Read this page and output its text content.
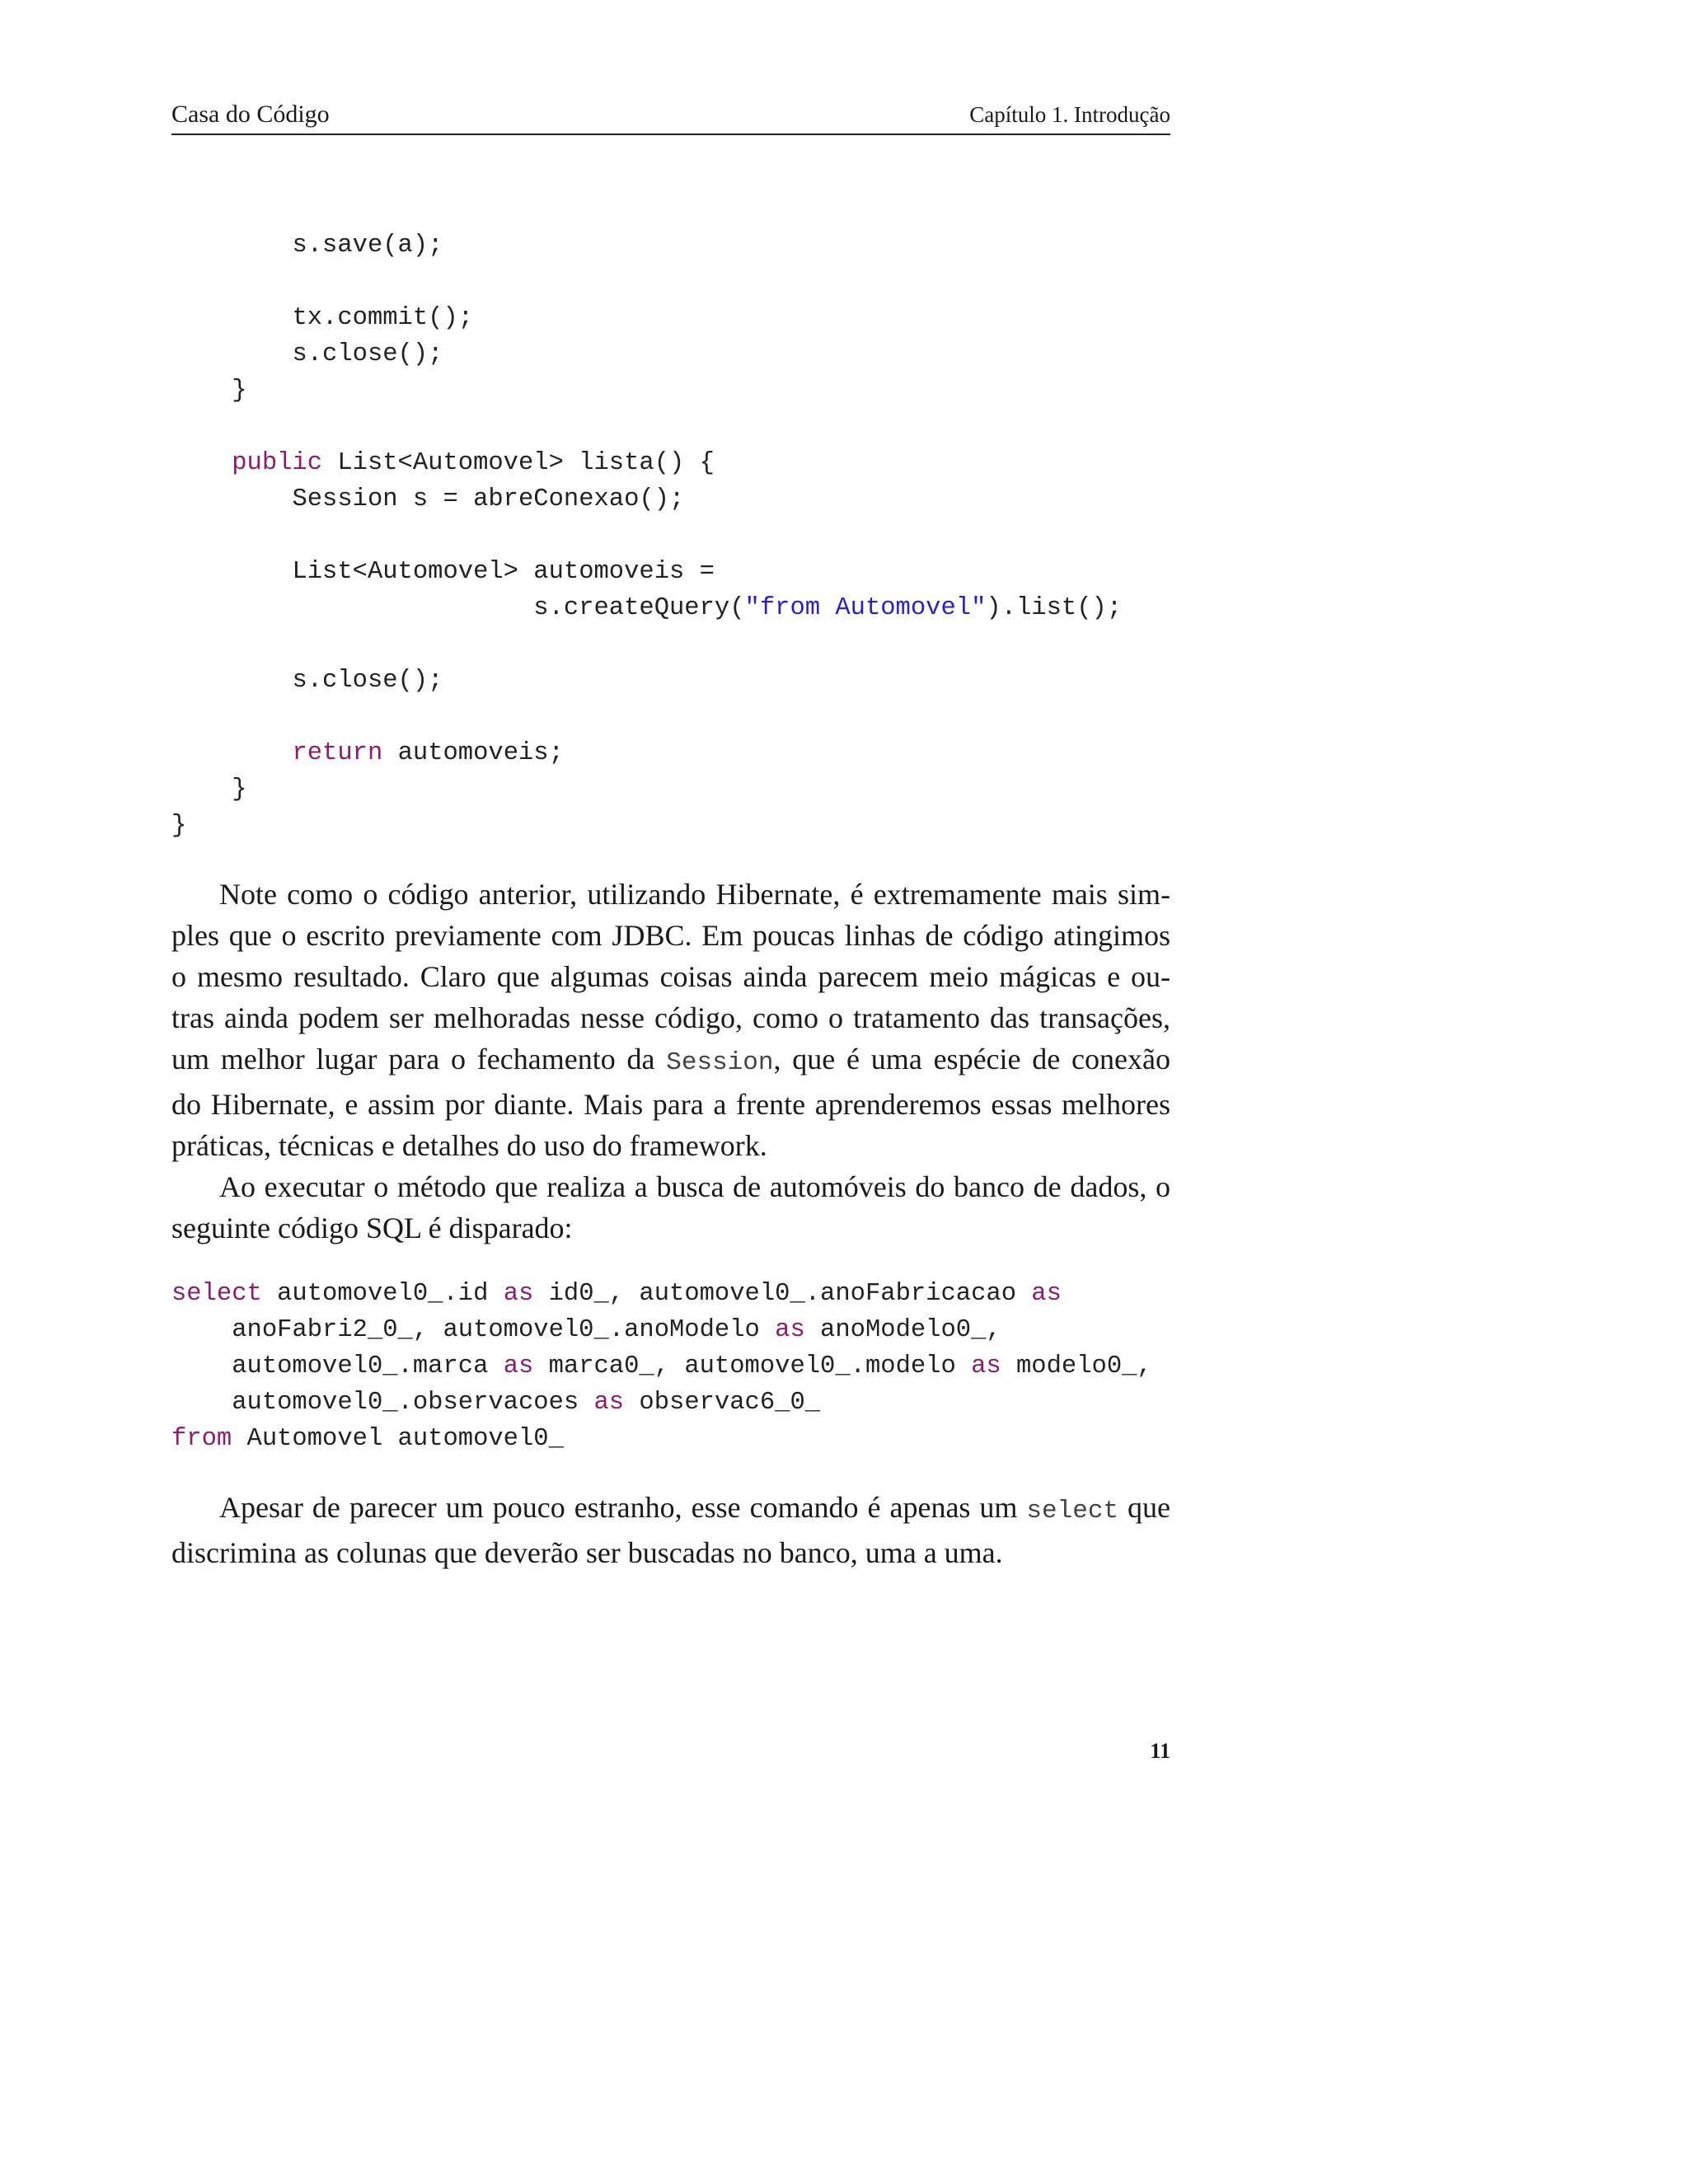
Casa do Código	Capítulo 1. Introdução
s.save(a);
tx.commit();
s.close();
}
public List<Automovel> lista() {
Session s = abreConexao();
List<Automovel> automoveis =
s.createQuery("from Automovel").list();
s.close();
return automoveis;
}
}
Note como o código anterior, utilizando Hibernate, é extremamente mais sim-
ples que o escrito previamente com JDBC. Em poucas linhas de código atingimos
o mesmo resultado. Claro que algumas coisas ainda parecem meio mágicas e ou-
tras ainda podem ser melhoradas nesse código, como o tratamento das transações,
um melhor lugar para o fechamento da Session, que é uma espécie de conexão
do Hibernate, e assim por diante. Mais para a frente aprenderemos essas melhores
práticas, técnicas e detalhes do uso do framework.
Ao executar o método que realiza a busca de automóveis do banco de dados, o
seguinte código SQL é disparado:
select automovel0_.id as id0_, automovel0_.anoFabricacao as
anoFabri2_0_, automovel0_.anoModelo as anoModelo0_,
automovel0_.marca as marca0_, automovel0_.modelo as modelo0_,
automovel0_.observacoes as observac6_0_
from Automovel automovel0_
Apesar de parecer um pouco estranho, esse comando é apenas um select que
discrimina as colunas que deverão ser buscadas no banco, uma a uma.
11
